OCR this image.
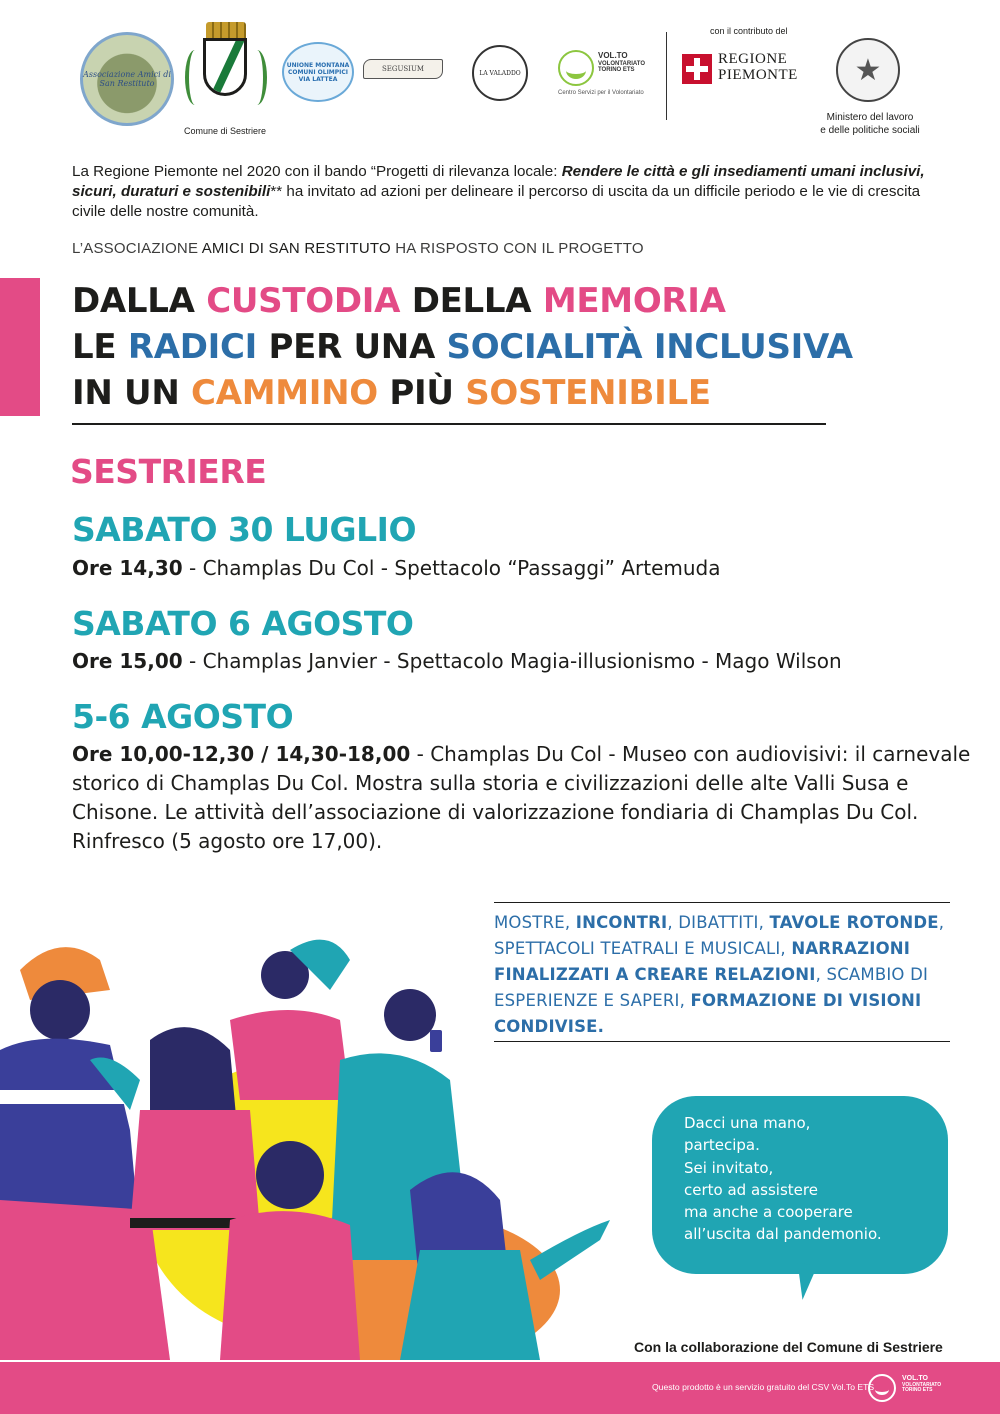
Associazione Amici di San Restituto
Comune di Sestriere
UNIONE MONTANA COMUNI OLIMPICI VIA LATTEA
SEGUSIUM	LA VALADDO
VOL.TO
VOLONTARIATO
TORINO ETS
Centro Servizi per il Volontariato
con il contributo del
REGIONE
PIEMONTE
★
Ministero del lavoro
e delle politiche sociali
La Regione Piemonte nel 2020 con il bando “Progetti di rilevanza locale: Rendere le città e gli insediamenti umani inclusivi, sicuri, duraturi e sostenibili** ha invitato ad azioni per delineare il percorso di uscita da un difficile periodo e le vie di crescita civile delle nostre comunità.
L’ASSOCIAZIONE AMICI DI SAN RESTITUTO HA RISPOSTO CON IL PROGETTO
DALLA CUSTODIA DELLA MEMORIA
LE RADICI PER UNA SOCIALITÀ INCLUSIVA
IN UN CAMMINO PIÙ SOSTENIBILE
SESTRIERE
SABATO 30 LUGLIO
Ore 14,30 - Champlas Du Col - Spettacolo “Passaggi” Artemuda
SABATO 6 AGOSTO
Ore 15,00 - Champlas Janvier - Spettacolo Magia-illusionismo - Mago Wilson
5-6 AGOSTO
Ore 10,00-12,30 / 14,30-18,00 - Champlas Du Col - Museo con audiovisivi: il carnevale storico di Champlas Du Col. Mostra sulla storia e civilizzazioni delle alte Valli Susa e Chisone. Le attività dell’associazione di valorizzazione fondiaria di Champlas Du Col. Rinfresco (5 agosto ore 17,00).
MOSTRE, INCONTRI, DIBATTITI, TAVOLE ROTONDE, SPETTACOLI TEATRALI E MUSICALI, NARRAZIONI FINALIZZATI A CREARE RELAZIONI, SCAMBIO DI ESPERIENZE E SAPERI, FORMAZIONE DI VISIONI CONDIVISE.
Dacci una mano,
partecipa.
Sei invitato,
certo ad assistere
ma anche a cooperare
all’uscita dal pandemonio.
Con la collaborazione del Comune di Sestriere
Questo prodotto è un servizio gratuito del CSV Vol.To ETS
VOL.TO
VOLONTARIATO
TORINO ETS
